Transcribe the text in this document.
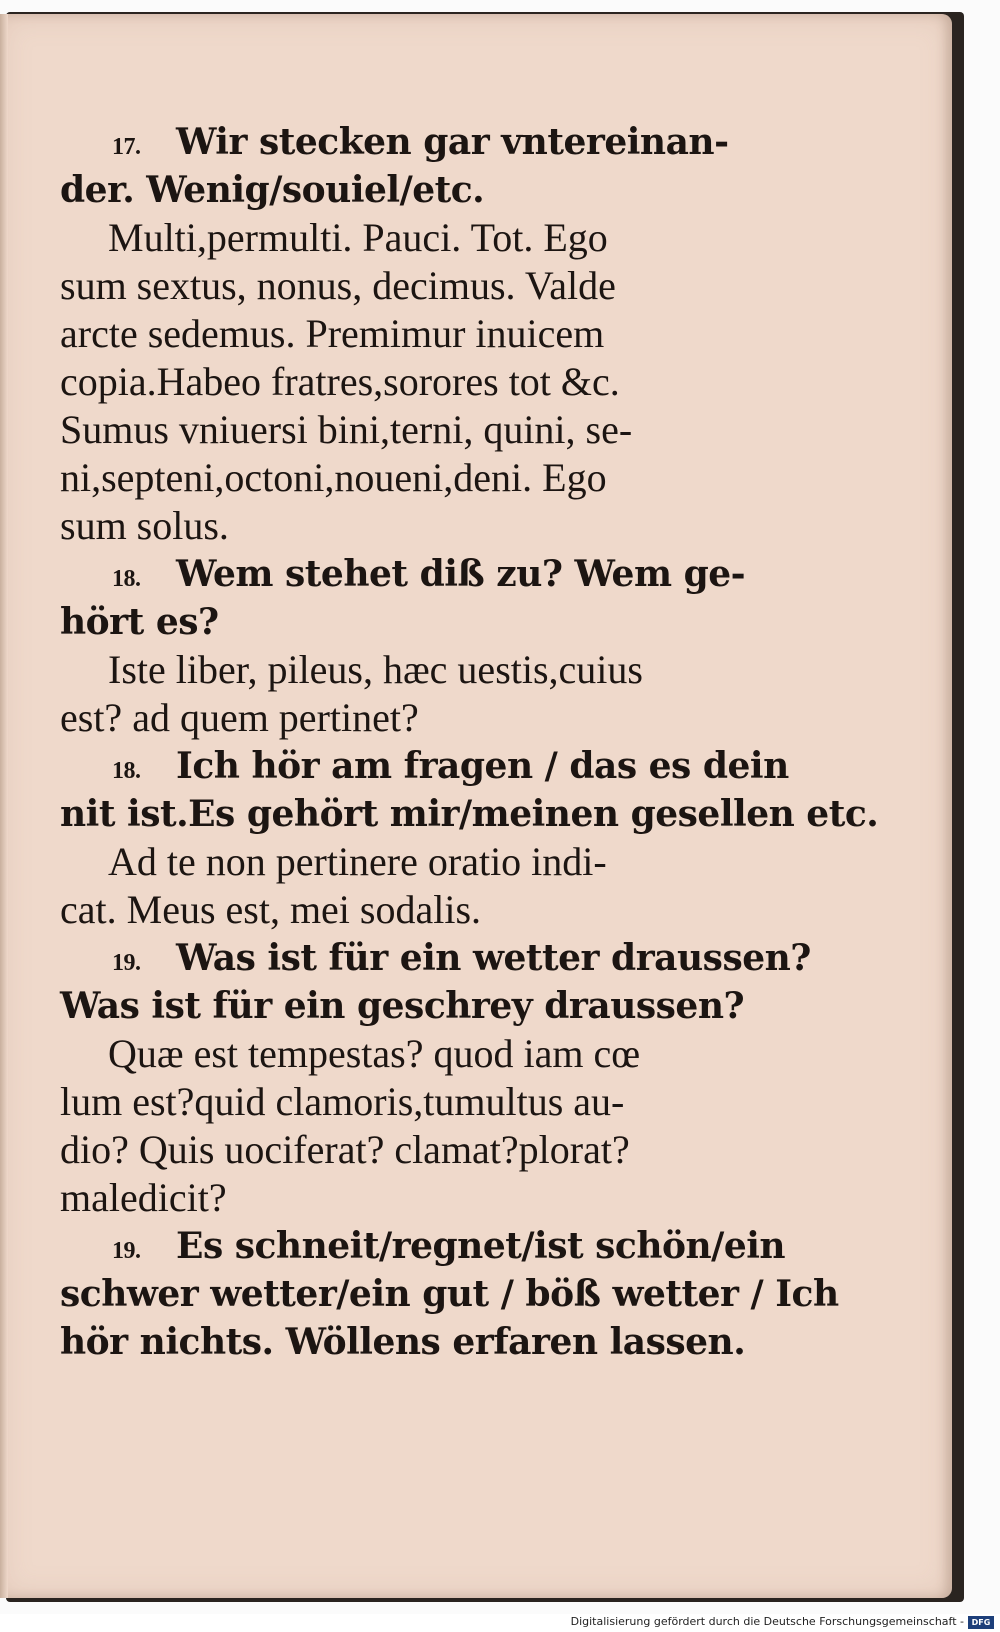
17. Wir stecken gar vntereinan-
der. Wenig/souiel/etc.
Multi,permulti. Pauci. Tot. Ego
sum sextus, nonus, decimus. Valde
arcte sedemus. Premimur inuicem
copia.Habeo fratres,sorores tot &c.
Sumus vniuersi bini,terni, quini, se-
ni,septeni,octoni,noueni,deni. Ego
sum solus.
18. Wem stehet diß zu? Wem ge-
hört es?
Iste liber, pileus, hæc uestis,cuius
est? ad quem pertinet?
18. Ich hör am fragen / das es dein
nit ist.Es gehört mir/meinen gesellen etc.
Ad te non pertinere oratio indi-
cat. Meus est, mei sodalis.
19. Was ist für ein wetter draussen?
Was ist für ein geschrey draussen?
Quæ est tempestas? quod iam cœ
lum est?quid clamoris,tumultus au-
dio? Quis uociferat? clamat?plorat?
maledicit?
19. Es schneit/regnet/ist schön/ein
schwer wetter/ein gut / böß wetter / Ich
hör nichts. Wöllens erfaren lassen.
Digitalisierung gefördert durch die Deutsche Forschungsgemeinschaft - DFG
